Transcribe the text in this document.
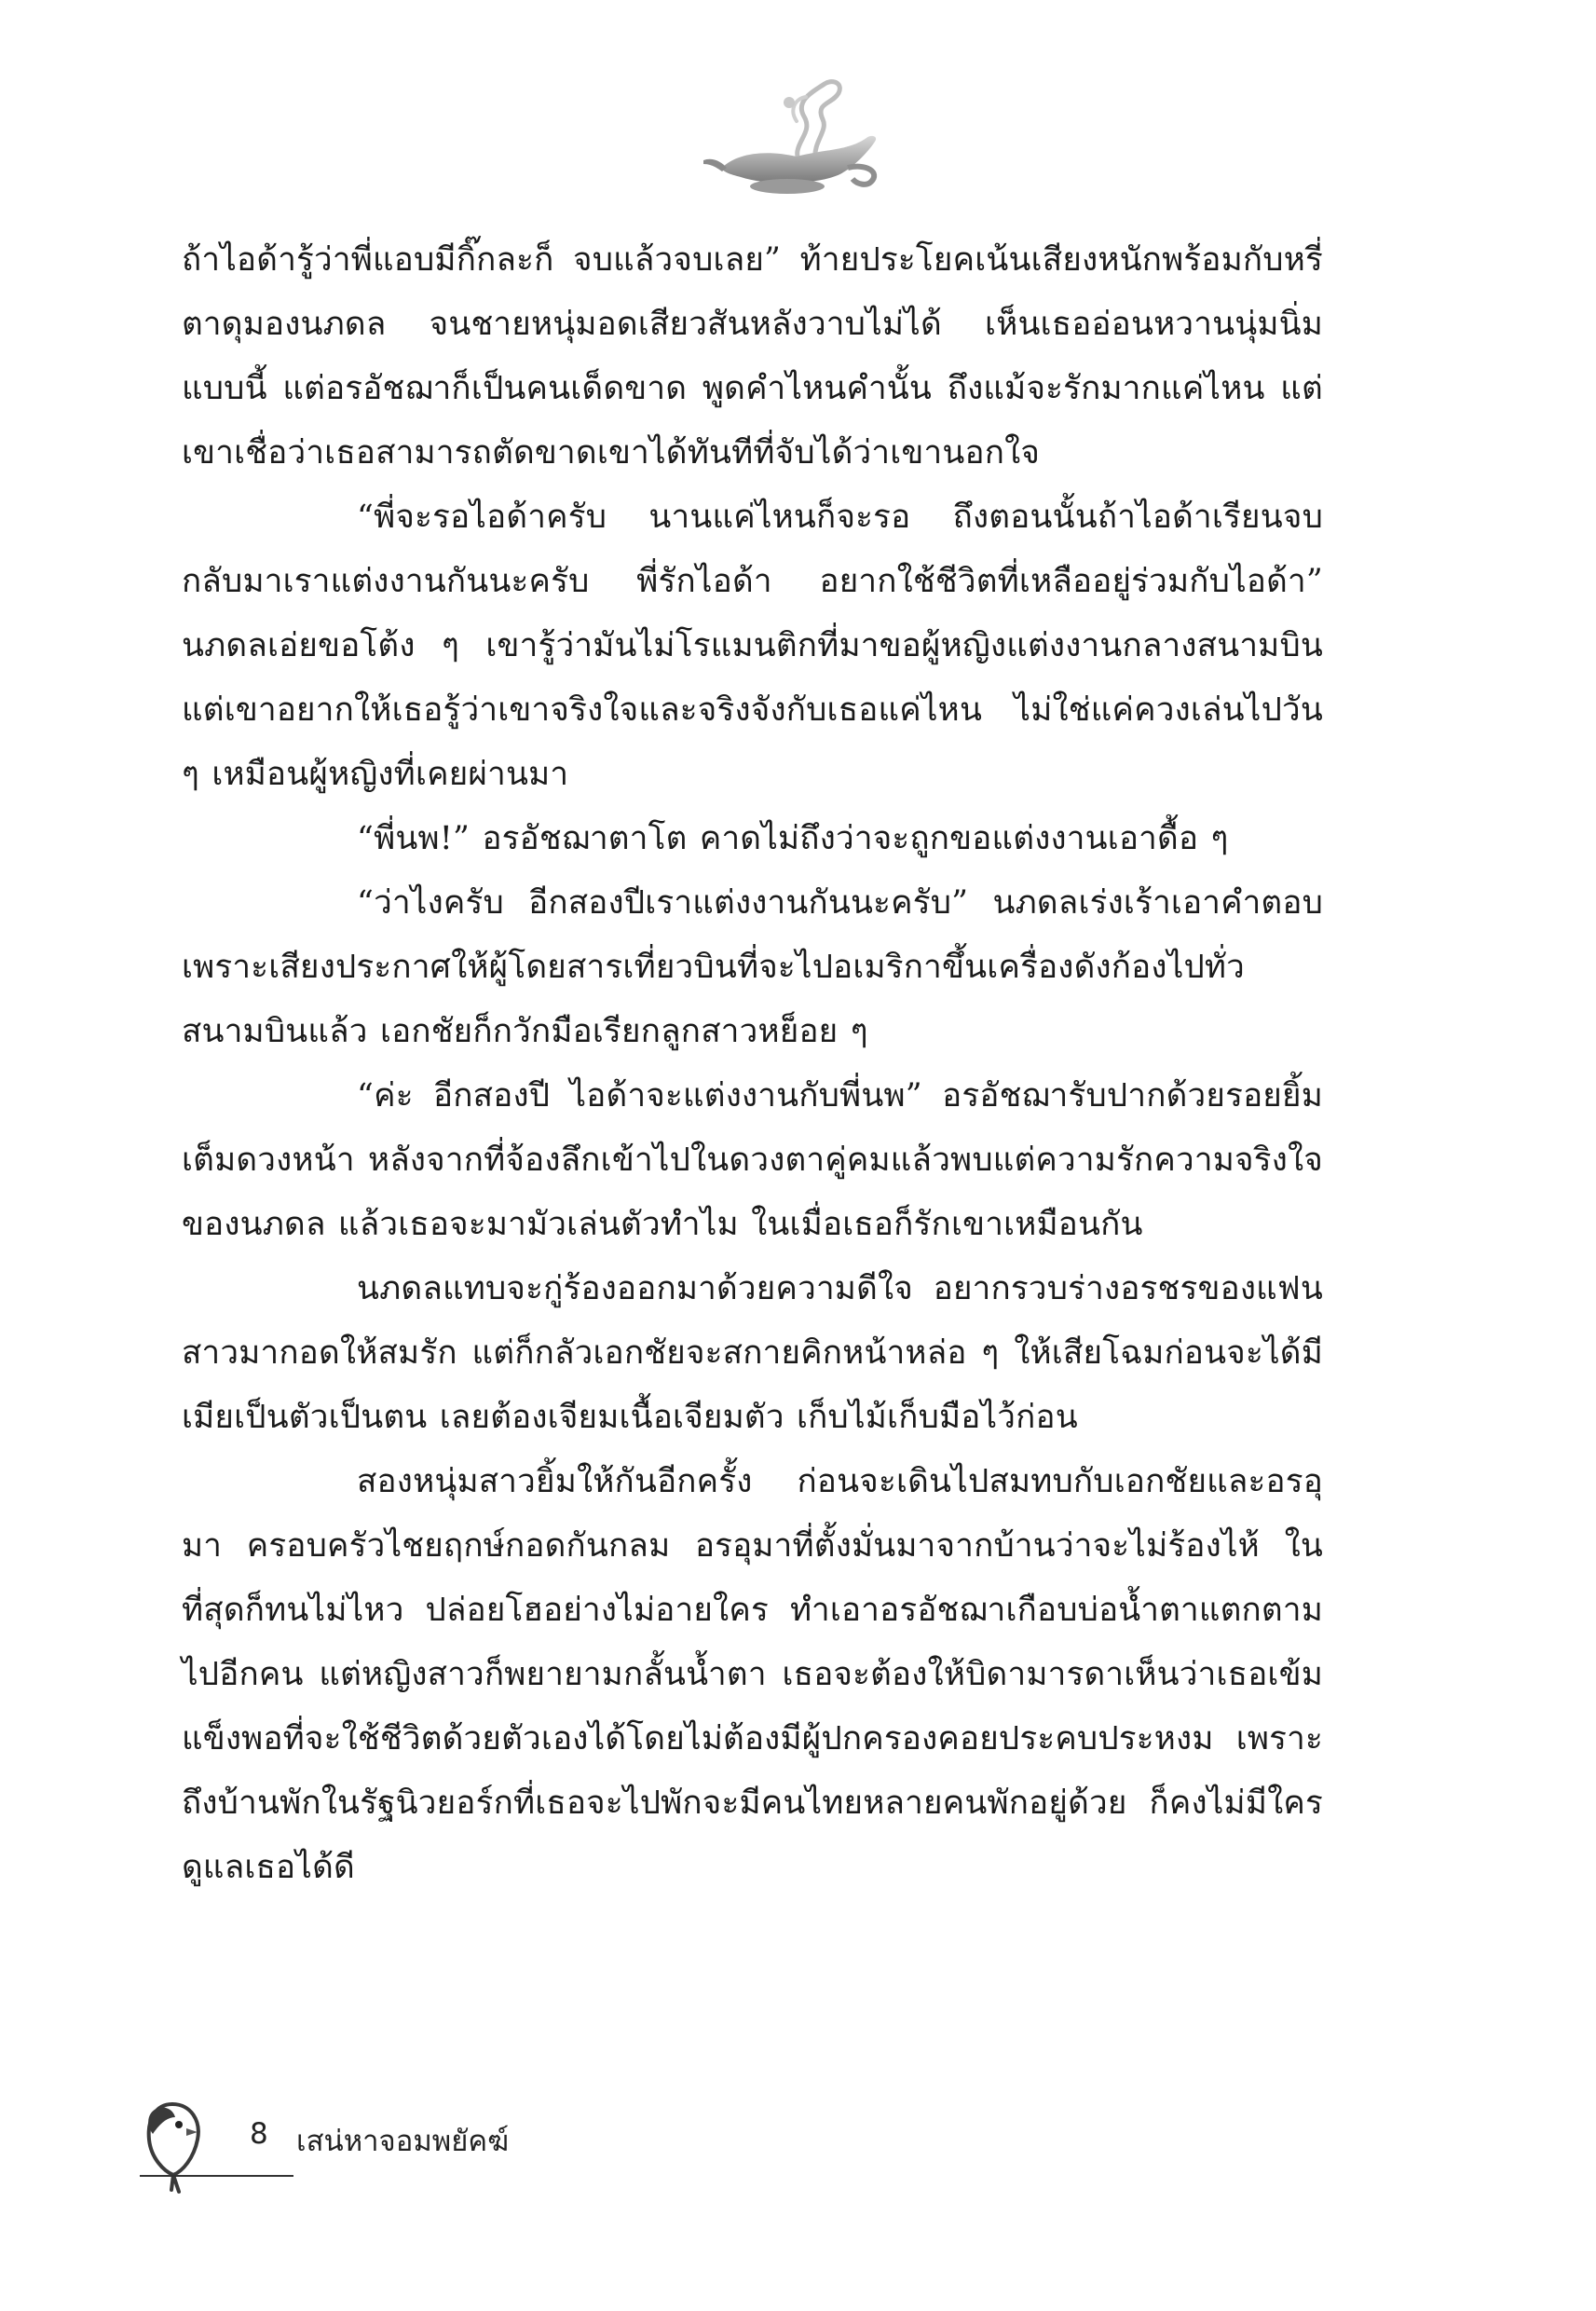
ถ้าไอด้ารู้ว่าพี่แอบมีกิ๊กละก็ จบแล้วจบเลย” ท้ายประโยคเน้นเสียงหนักพร้อมกับหรี่ตาดุมองนภดล จนชายหนุ่มอดเสียวสันหลังวาบไม่ได้ เห็นเธออ่อนหวานนุ่มนิ่มแบบนี้ แต่อรอัชฌาก็เป็นคนเด็ดขาด พูดคำไหนคำนั้น ถึงแม้จะรักมากแค่ไหน แต่เขาเชื่อว่าเธอสามารถตัดขาดเขาได้ทันทีที่จับได้ว่าเขานอกใจ

“พี่จะรอไอด้าครับ นานแค่ไหนก็จะรอ ถึงตอนนั้นถ้าไอด้าเรียนจบกลับมาเราแต่งงานกันนะครับ พี่รักไอด้า อยากใช้ชีวิตที่เหลืออยู่ร่วมกับไอด้า” นภดลเอ่ยขอโต้ง ๆ เขารู้ว่ามันไม่โรแมนติกที่มาขอผู้หญิงแต่งงานกลางสนามบิน แต่เขาอยากให้เธอรู้ว่าเขาจริงใจและจริงจังกับเธอแค่ไหน ไม่ใช่แค่ควงเล่นไปวัน ๆ เหมือนผู้หญิงที่เคยผ่านมา

“พี่นพ!” อรอัชฌาตาโต คาดไม่ถึงว่าจะถูกขอแต่งงานเอาดื้อ ๆ

“ว่าไงครับ อีกสองปีเราแต่งงานกันนะครับ” นภดลเร่งเร้าเอาคำตอบ เพราะเสียงประกาศให้ผู้โดยสารเที่ยวบินที่จะไปอเมริกาขึ้นเครื่องดังก้องไปทั่วสนามบินแล้ว เอกชัยก็กวักมือเรียกลูกสาวหย็อย ๆ

“ค่ะ อีกสองปี ไอด้าจะแต่งงานกับพี่นพ” อรอัชฌารับปากด้วยรอยยิ้มเต็มดวงหน้า หลังจากที่จ้องลึกเข้าไปในดวงตาคู่คมแล้วพบแต่ความรักความจริงใจของนภดล แล้วเธอจะมามัวเล่นตัวทำไม ในเมื่อเธอก็รักเขาเหมือนกัน

นภดลแทบจะกู่ร้องออกมาด้วยความดีใจ อยากรวบร่างอรชรของแฟนสาวมากอดให้สมรัก แต่ก็กลัวเอกชัยจะสกายคิกหน้าหล่อ ๆ ให้เสียโฉมก่อนจะได้มีเมียเป็นตัวเป็นตน เลยต้องเจียมเนื้อเจียมตัว เก็บไม้เก็บมือไว้ก่อน

สองหนุ่มสาวยิ้มให้กันอีกครั้ง ก่อนจะเดินไปสมทบกับเอกชัยและอรอุมา ครอบครัวไชยฤกษ์กอดกันกลม อรอุมาที่ตั้งมั่นมาจากบ้านว่าจะไม่ร้องไห้ ในที่สุดก็ทนไม่ไหว ปล่อยโฮอย่างไม่อายใคร ทำเอาอรอัชฌาเกือบบ่อน้ำตาแตกตามไปอีกคน แต่หญิงสาวก็พยายามกลั้นน้ำตา เธอจะต้องให้บิดามารดาเห็นว่าเธอเข้มแข็งพอที่จะใช้ชีวิตด้วยตัวเองได้โดยไม่ต้องมีผู้ปกครองคอยประคบประหงม เพราะถึงบ้านพักในรัฐนิวยอร์กที่เธอจะไปพักจะมีคนไทยหลายคนพักอยู่ด้วย ก็คงไม่มีใครดูแลเธอได้ดี

8 เสน่หาจอมพยัคฆ์
